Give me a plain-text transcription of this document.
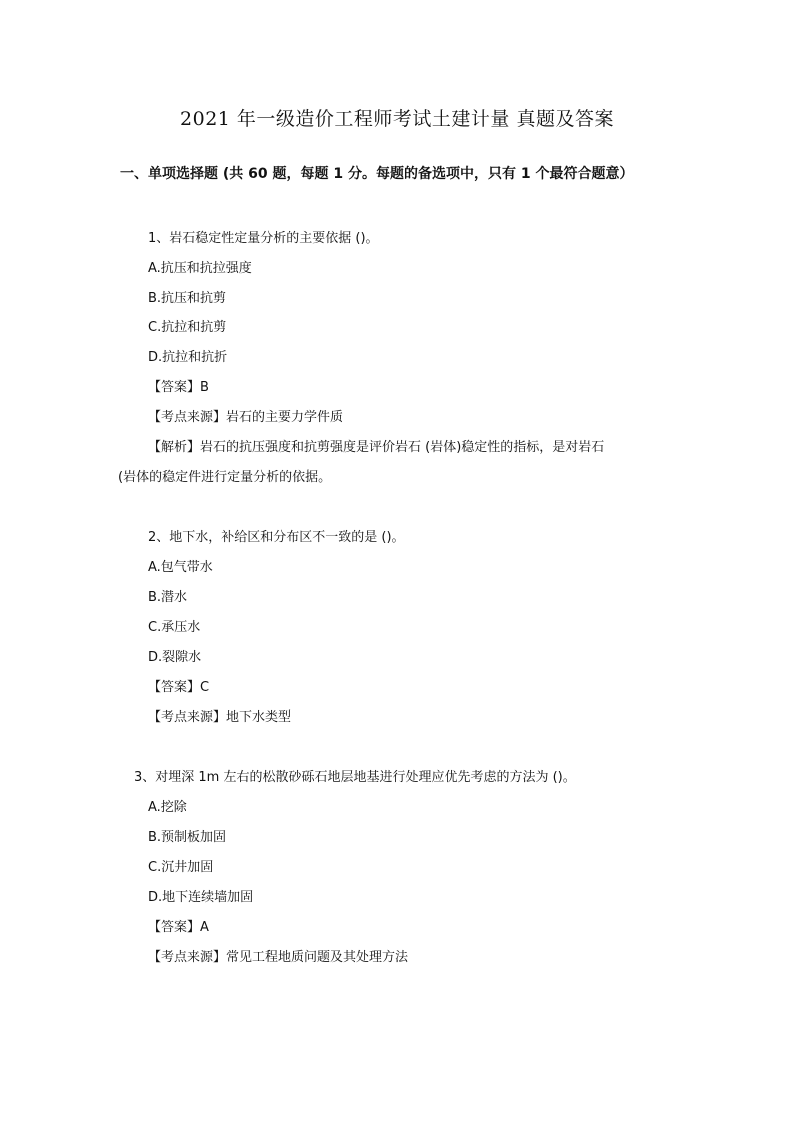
2021 年一级造价工程师考试土建计量 真题及答案
一、单项选择题 (共 60 题，每题 1 分。每题的备选项中，只有 1 个最符合题意）
1、岩石稳定性定量分析的主要依据 ()。
A.抗压和抗拉强度
B.抗压和抗剪
C.抗拉和抗剪
D.抗拉和抗折
【答案】B
【考点来源】岩石的主要力学件质
【解析】岩石的抗压强度和抗剪强度是评价岩石 (岩体)稳定性的指标，是对岩石
(岩体的稳定件进行定量分析的依据。
2、地下水，补给区和分布区不一致的是 ()。
A.包气带水
B.潜水
C.承压水
D.裂隙水
【答案】C
【考点来源】地下水类型
3、对埋深 1m 左右的松散砂砾石地层地基进行处理应优先考虑的方法为 ()。
A.挖除
B.预制板加固
C.沉井加固
D.地下连续墙加固
【答案】A
【考点来源】常见工程地质问题及其处理方法
